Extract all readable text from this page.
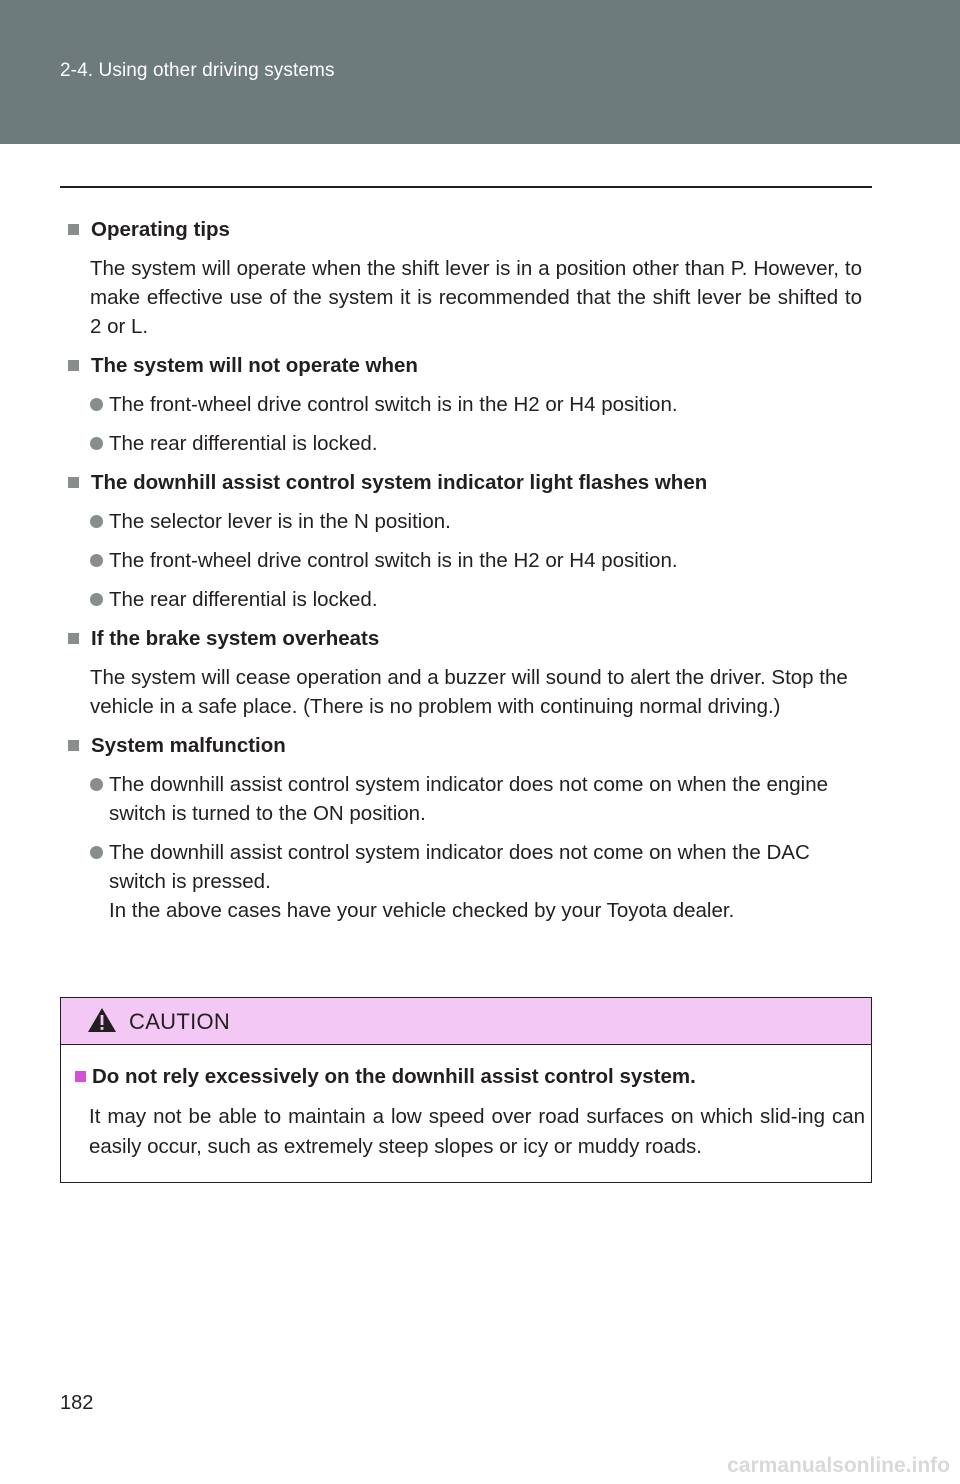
2-4. Using other driving systems
Operating tips
The system will operate when the shift lever is in a position other than P. However, to make effective use of the system it is recommended that the shift lever be shifted to 2 or L.
The system will not operate when
The front-wheel drive control switch is in the H2 or H4 position.
The rear differential is locked.
The downhill assist control system indicator light flashes when
The selector lever is in the N position.
The front-wheel drive control switch is in the H2 or H4 position.
The rear differential is locked.
If the brake system overheats
The system will cease operation and a buzzer will sound to alert the driver. Stop the vehicle in a safe place. (There is no problem with continuing normal driving.)
System malfunction
The downhill assist control system indicator does not come on when the engine switch is turned to the ON position.
The downhill assist control system indicator does not come on when the DAC switch is pressed.
In the above cases have your vehicle checked by your Toyota dealer.
CAUTION
Do not rely excessively on the downhill assist control system.
It may not be able to maintain a low speed over road surfaces on which slid-ing can easily occur, such as extremely steep slopes or icy or muddy roads.
182
carmanualsonline.info
